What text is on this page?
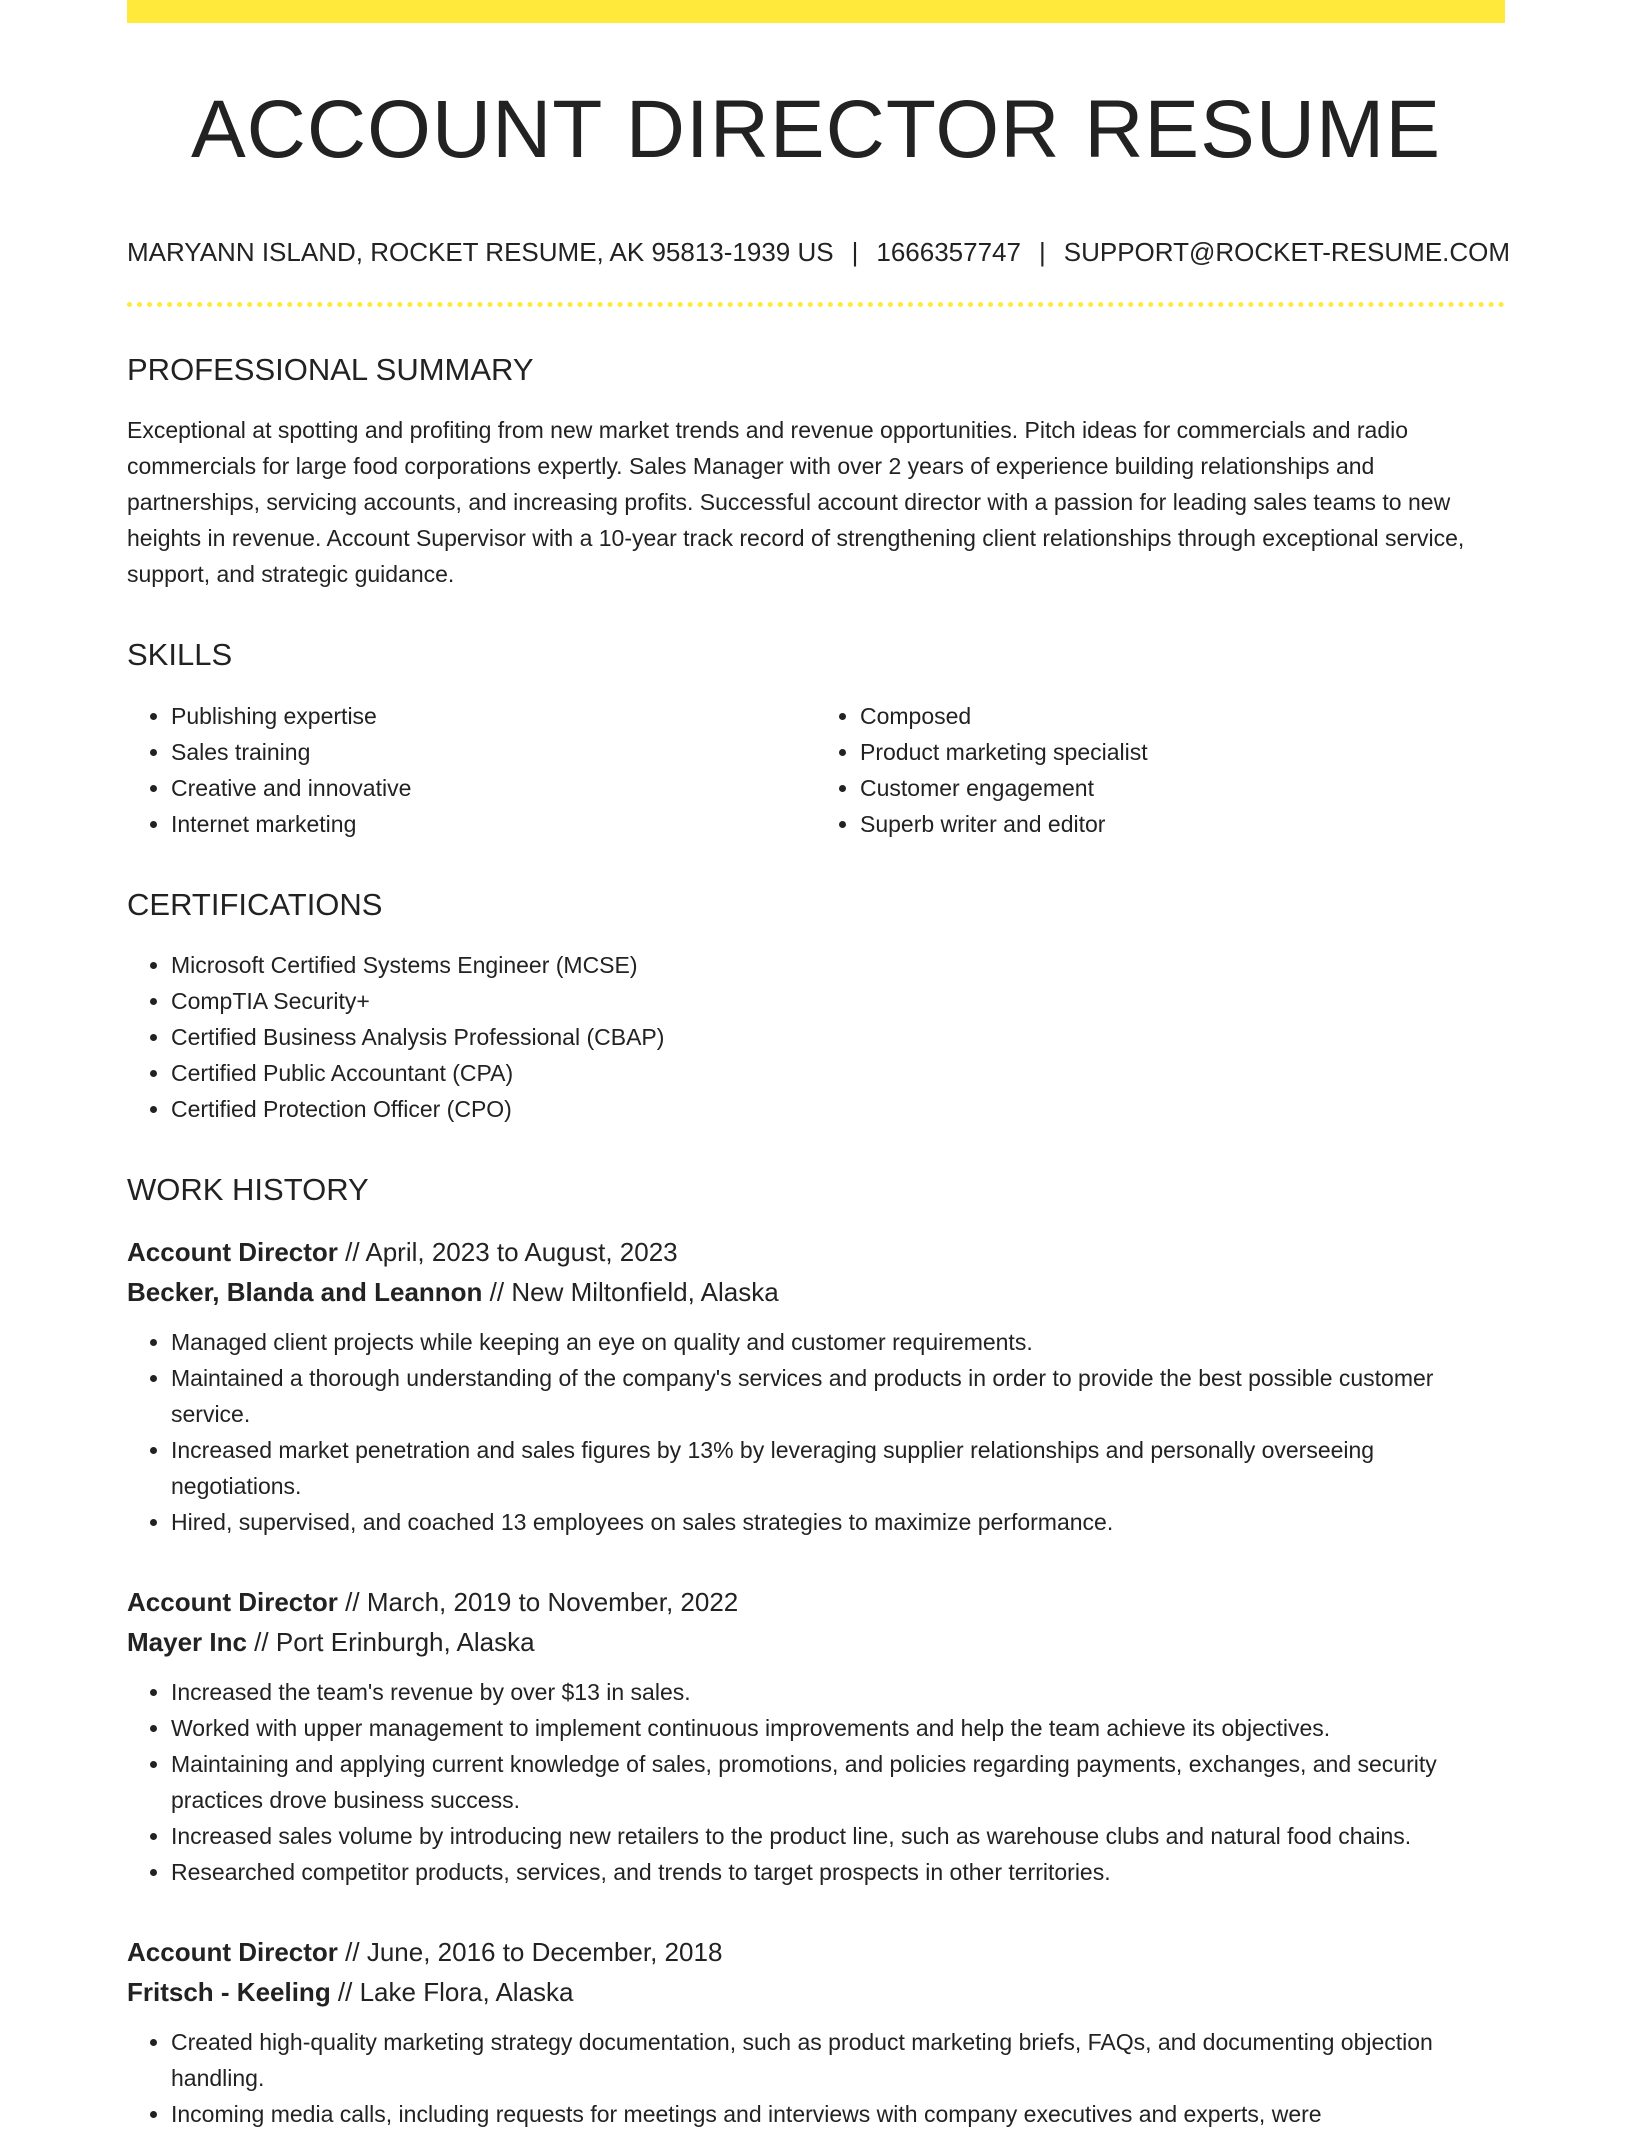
ACCOUNT DIRECTOR RESUME
MARYANN ISLAND, ROCKET RESUME, AK 95813-1939 US | 1666357747 | SUPPORT@ROCKET-RESUME.COM
PROFESSIONAL SUMMARY
Exceptional at spotting and profiting from new market trends and revenue opportunities. Pitch ideas for commercials and radio commercials for large food corporations expertly. Sales Manager with over 2 years of experience building relationships and partnerships, servicing accounts, and increasing profits. Successful account director with a passion for leading sales teams to new heights in revenue. Account Supervisor with a 10-year track record of strengthening client relationships through exceptional service, support, and strategic guidance.
SKILLS
• Publishing expertise
• Sales training
• Creative and innovative
• Internet marketing
• Composed
• Product marketing specialist
• Customer engagement
• Superb writer and editor
CERTIFICATIONS
• Microsoft Certified Systems Engineer (MCSE)
• CompTIA Security+
• Certified Business Analysis Professional (CBAP)
• Certified Public Accountant (CPA)
• Certified Protection Officer (CPO)
WORK HISTORY
Account Director // April, 2023 to August, 2023
Becker, Blanda and Leannon // New Miltonfield, Alaska
• Managed client projects while keeping an eye on quality and customer requirements.
• Maintained a thorough understanding of the company's services and products in order to provide the best possible customer service.
• Increased market penetration and sales figures by 13% by leveraging supplier relationships and personally overseeing negotiations.
• Hired, supervised, and coached 13 employees on sales strategies to maximize performance.
Account Director // March, 2019 to November, 2022
Mayer Inc // Port Erinburgh, Alaska
• Increased the team's revenue by over $13 in sales.
• Worked with upper management to implement continuous improvements and help the team achieve its objectives.
• Maintaining and applying current knowledge of sales, promotions, and policies regarding payments, exchanges, and security practices drove business success.
• Increased sales volume by introducing new retailers to the product line, such as warehouse clubs and natural food chains.
• Researched competitor products, services, and trends to target prospects in other territories.
Account Director // June, 2016 to December, 2018
Fritsch - Keeling // Lake Flora, Alaska
• Created high-quality marketing strategy documentation, such as product marketing briefs, FAQs, and documenting objection handling.
• Incoming media calls, including requests for meetings and interviews with company executives and experts, were
